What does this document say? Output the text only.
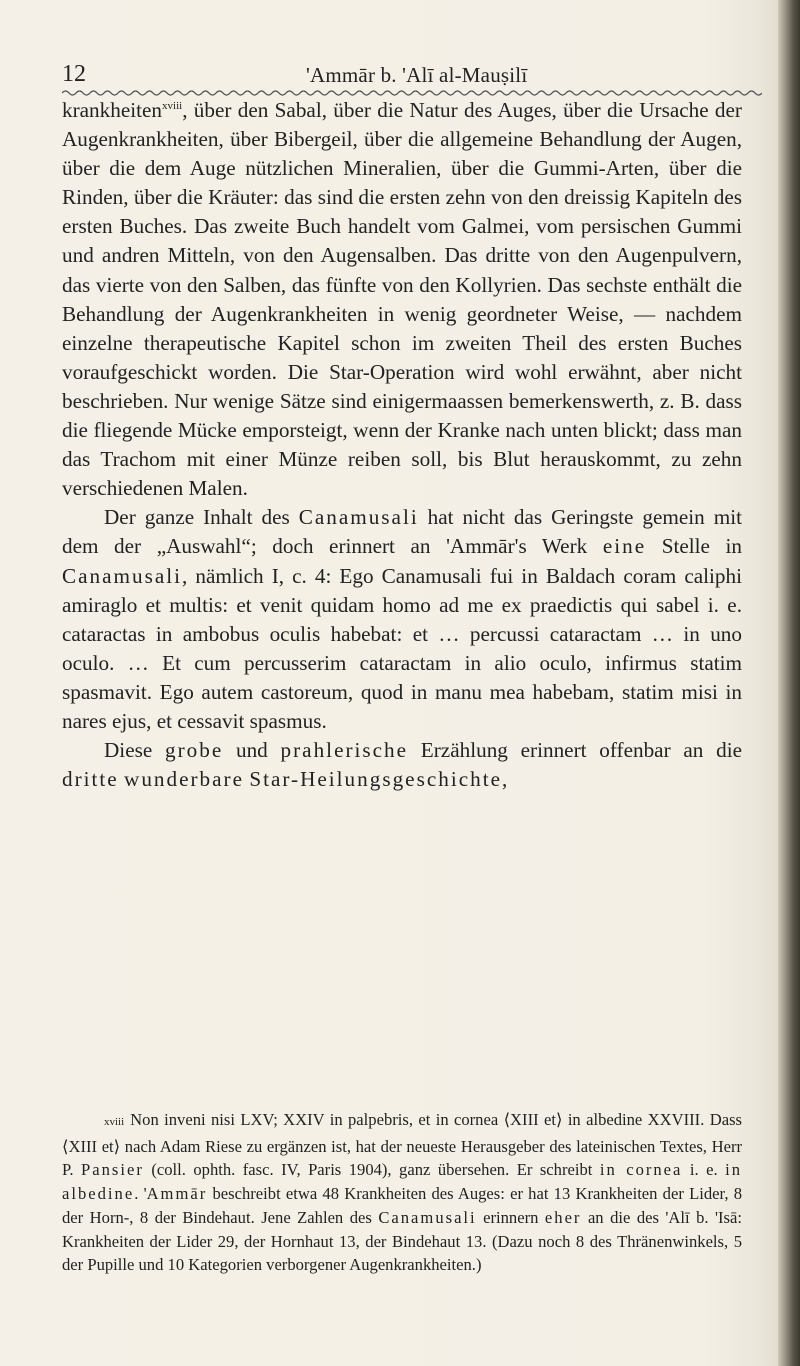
12	'Ammār b. 'Alī al-Mauṣilī

krankheiten$^{xviii}$, über den Sabal, über die Natur des Auges, über die Ursache der Augenkrankheiten, über Bibergeil, über die allgemeine Behandlung der Augen, über die dem Auge nützlichen Mineralien, über die Gummi-Arten, über die Rinden, über die Kräuter: das sind die ersten zehn von den dreissig Kapiteln des ersten Buches. Das zweite Buch handelt vom Galmei, vom persischen Gummi und andren Mitteln, von den Augensalben. Das dritte von den Augenpulvern, das vierte von den Salben, das fünfte von den Kollyrien. Das sechste enthält die Behandlung der Augenkrankheiten in wenig geordneter Weise, — nachdem einzelne therapeutische Kapitel schon im zweiten Theil des ersten Buches voraufgeschickt worden. Die Star-Operation wird wohl erwähnt, aber nicht beschrieben. Nur wenige Sätze sind einigermaassen bemerkenswerth, z. B. dass die fliegende Mücke emporsteigt, wenn der Kranke nach unten blickt; dass man das Trachom mit einer Münze reiben soll, bis Blut herauskommt, zu zehn verschiedenen Malen.

Der ganze Inhalt des Canamusali hat nicht das Geringste gemein mit dem der „Auswahl“; doch erinnert an 'Ammār's Werk eine Stelle in Canamusali, nämlich I, c. 4: Ego Canamusali fui in Baldach coram caliphi amiraglo et multis: et venit quidam homo ad me ex praedictis qui sabel i. e. cataractas in ambobus oculis habebat: et … percussi cataractam … in uno oculo. … Et cum percusserim cataractam in alio oculo, infirmus statim spasmavit. Ego autem castoreum, quod in manu mea habebam, statim misi in nares ejus, et cessavit spasmus.

Diese grobe und prahlerische Erzählung erinnert offenbar an die dritte wunderbare Star-Heilungsgeschichte,

xviii Non inveni nisi LXV; XXIV in palpebris, et in cornea ⟨XIII et⟩ in albedine XXVIII. Dass ⟨XIII et⟩ nach Adam Riese zu ergänzen ist, hat der neueste Herausgeber des lateinischen Textes, Herr P. Pansier (coll. ophth. fasc. IV, Paris 1904), ganz übersehen. Er schreibt in cornea i. e. in albedine. 'Ammār beschreibt etwa 48 Krankheiten des Auges: er hat 13 Krankheiten der Lider, 8 der Horn-, 8 der Bindehaut. Jene Zahlen des Canamusali erinnern eher an die des 'Alī b. 'Isā: Krankheiten der Lider 29, der Hornhaut 13, der Bindehaut 13. (Dazu noch 8 des Thränenwinkels, 5 der Pupille und 10 Kategorien verborgener Augenkrankheiten.)
